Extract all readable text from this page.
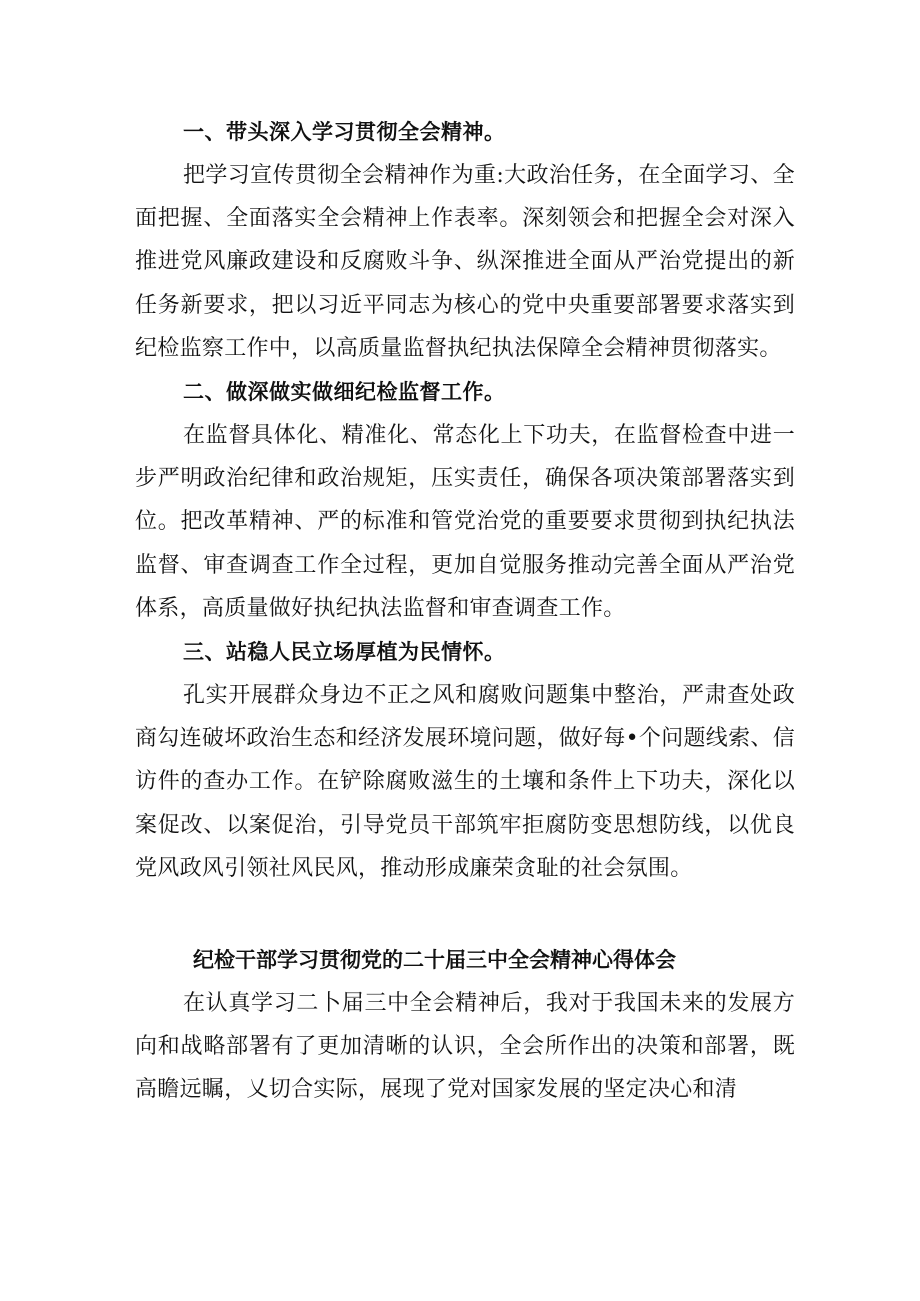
一、带头深入学习贯彻全会精神。

把学习宣传贯彻全会精神作为重:大政治任务，在全面学习、全面把握、全面落实全会精神上作表率。深刻领会和把握全会对深入推进党风廉政建设和反腐败斗争、纵深推进全面从严治党提出的新任务新要求，把以习近平同志为核心的党中央重要部署要求落实到纪检监察工作中，以高质量监督执纪执法保障全会精神贯彻落实。

二、做深做实做细纪检监督工作。

在监督具体化、精准化、常态化上下功夫，在监督检查中进一步严明政治纪律和政治规矩，压实责任，确保各项决策部署落实到位。把改革精神、严的标准和管党治党的重要要求贯彻到执纪执法监督、审查调查工作全过程，更加自觉服务推动完善全面从严治党体系，高质量做好执纪执法监督和审查调查工作。

三、站稳人民立场厚植为民情怀。

孔实开展群众身边不正之风和腐败问题集中整治，严肃查处政商勾连破坏政治生态和经济发展环境问题，做好每•个问题线索、信访件的查办工作。在铲除腐败滋生的土壤和条件上下功夫，深化以案促改、以案促治，引导党员干部筑牢拒腐防变思想防线，以优良党风政风引领社风民风，推动形成廉荣贪耻的社会氛围。

纪检干部学习贯彻党的二十届三中全会精神心得体会

在认真学习二卜届三中全会精神后，我对于我国未来的发展方向和战略部署有了更加清晰的认识，全会所作出的决策和部署，既高瞻远瞩，乂切合实际，展现了党对国家发展的坚定决心和清
